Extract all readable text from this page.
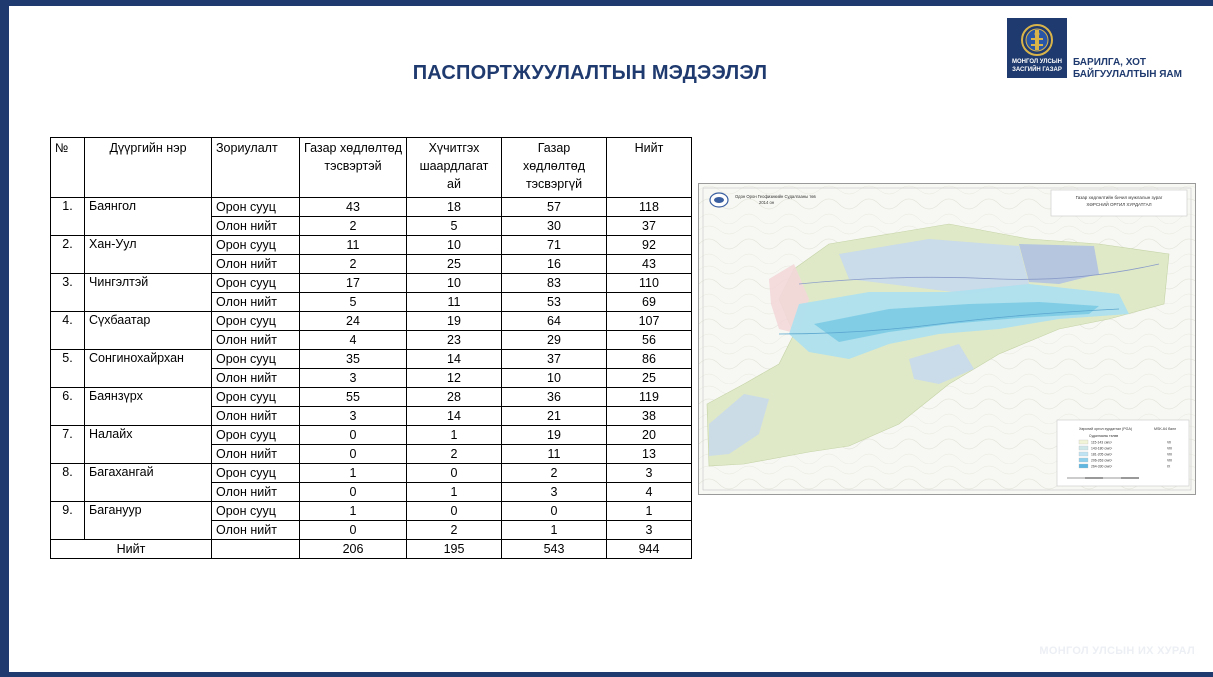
ПАСПОРТЖУУЛАЛТЫН МЭДЭЭЛЭЛ	МОНГОЛ УЛСЫН
ЗАСГИЙН ГАЗАР
БАРИЛГА, ХОТ
БАЙГУУЛАЛТЫН ЯАМ
№	Дүүргийн нэр	Зориулалт	Газар хөдлөлтөд тэсвэртэй	Хүчитгэх шаардлагат ай	Газар хөдлөлтөд тэсвэргүй	Нийт
1.	Баянгол	Орон сууц	43	18	57	118
		Олон нийт	2	5	30	37
2.	Хан-Уул	Орон сууц	11	10	71	92
		Олон нийт	2	25	16	43
3.	Чингэлтэй	Орон сууц	17	10	83	110
		Олон нийт	5	11	53	69
4.	Сүхбаатар	Орон сууц	24	19	64	107
		Олон нийт	4	23	29	56
5.	Сонгинохайрхан	Орон сууц	35	14	37	86
		Олон нийт	3	12	10	25
6.	Баянзүрх	Орон сууц	55	28	36	119
		Олон нийт	3	14	21	38
7.	Налайх	Орон сууц	0	1	19	20
		Олон нийт	0	2	11	13
8.	Багахангай	Орон сууц	1	0	2	3
		Олон нийт	0	1	3	4
9.	Багануур	Орон сууц	1	0	0	1
		Олон нийт	0	2	1	3
Нийт			206	195	543	944
Одон Орон Геофизикийн Судалгааны төв
2014 он
Газар хөдлөлтийн бичил мужлалын зураг
ХӨРСНИЙ ОРГИЛ ХУРДАТГАЛ
Хөрсний оргил хурдатгал (PGA)	MSK-64 балл
Судалгааны төлөв
115-143 см/с²	VII
143-180 см/с²	VIII
181-205 см/с²	VIII
206-263 см/с²	VIII
264-330 см/с²	IX
МОНГОЛ УЛСЫН ИХ ХУРАЛ
